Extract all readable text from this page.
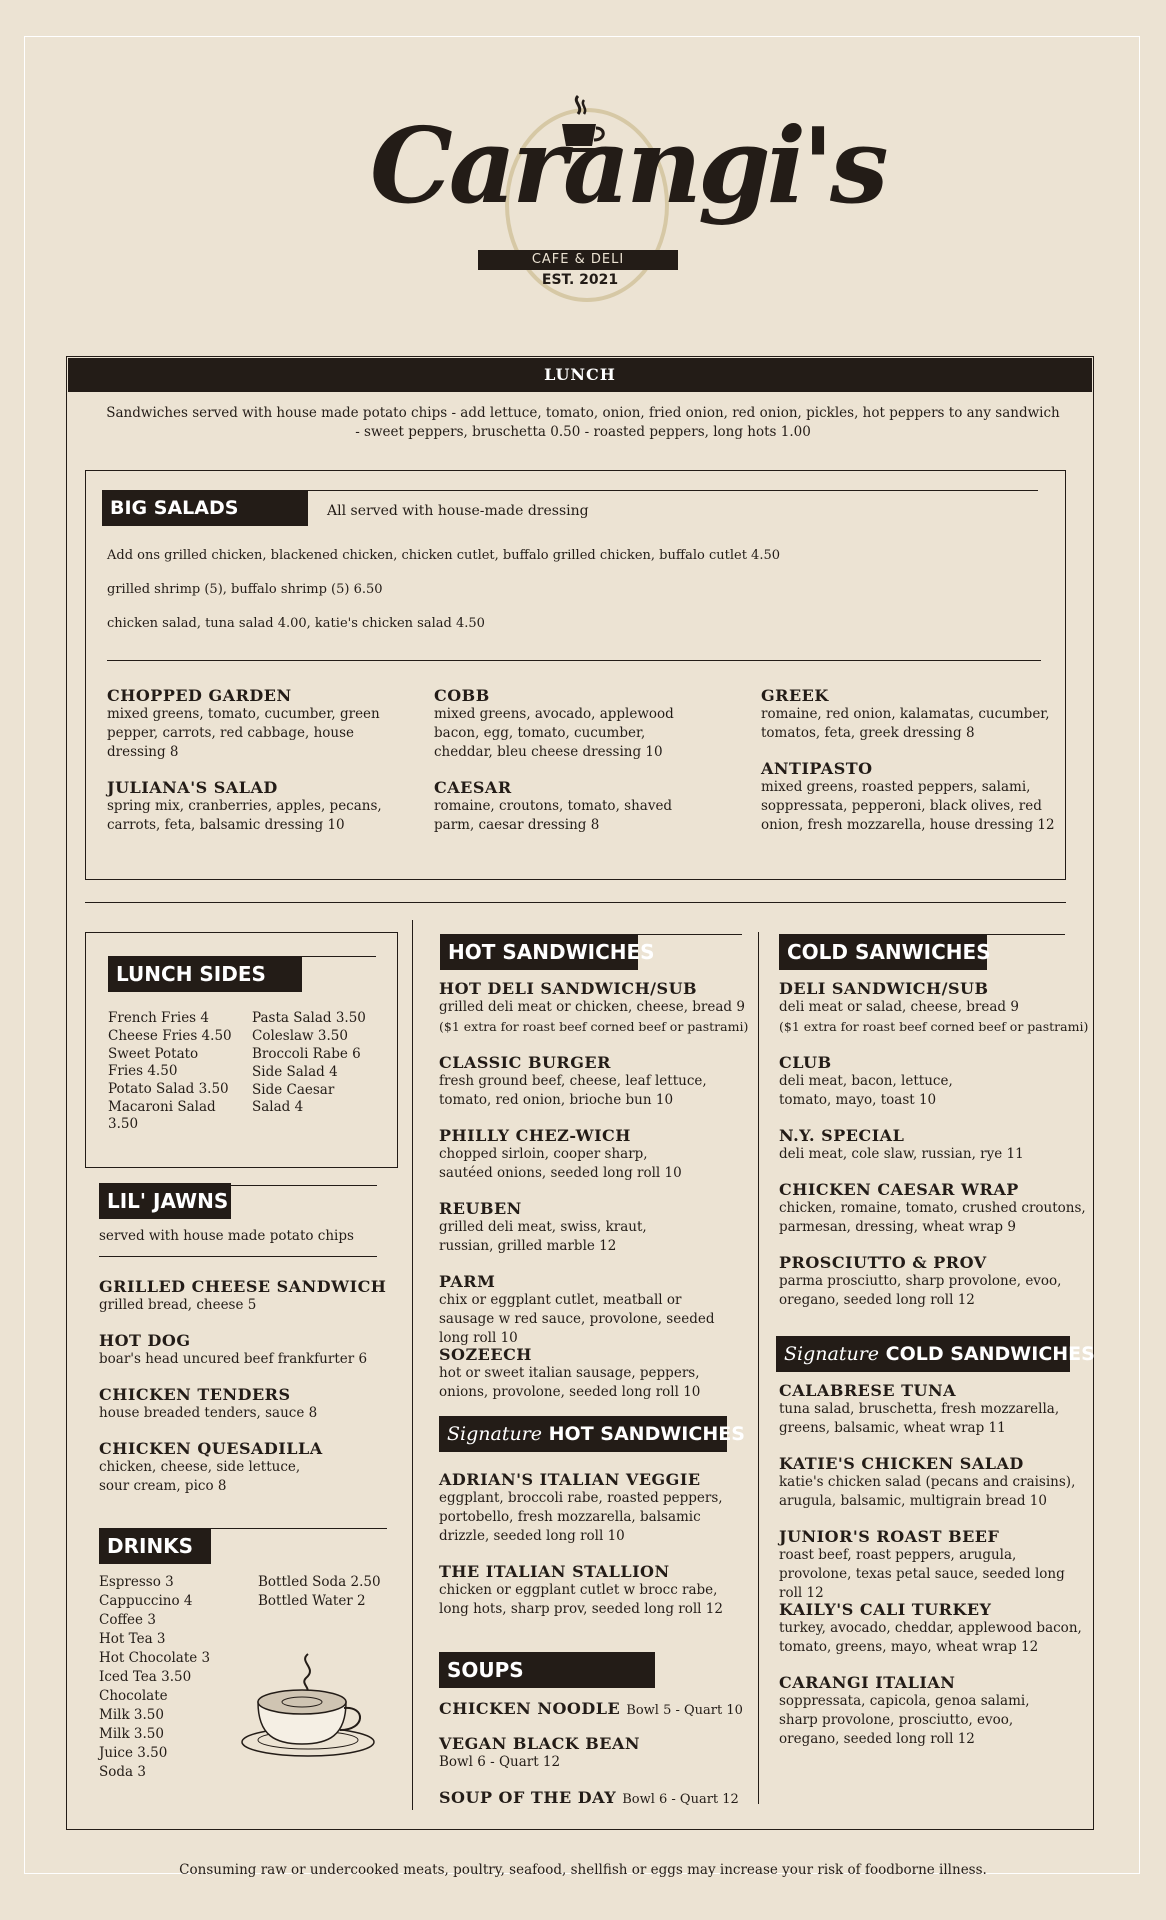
Carangi's
CAFE & DELI
EST. 2021
LUNCH
Sandwiches served with house made potato chips - add lettuce, tomato, onion, fried onion, red onion, pickles, hot peppers to any sandwich
- sweet peppers, bruschetta 0.50 - roasted peppers, long hots 1.00
BIG SALADS	All served with house-made dressing
Add ons grilled chicken, blackened chicken, chicken cutlet, buffalo grilled chicken, buffalo cutlet 4.50
grilled shrimp (5), buffalo shrimp (5) 6.50
chicken salad, tuna salad 4.00, katie's chicken salad 4.50
CHOPPED GARDEN
mixed greens, tomato, cucumber, green pepper, carrots, red cabbage, house dressing 8
JULIANA'S SALAD
spring mix, cranberries, apples, pecans, carrots, feta, balsamic dressing 10
COBB
mixed greens, avocado, applewood bacon, egg, tomato, cucumber, cheddar, bleu cheese dressing 10
CAESAR
romaine, croutons, tomato, shaved parm, caesar dressing 8
GREEK
romaine, red onion, kalamatas, cucumber, tomatos, feta, greek dressing 8
ANTIPASTO
mixed greens, roasted peppers, salami, soppressata, pepperoni, black olives, red onion, fresh mozzarella, house dressing 12
LUNCH SIDES
French Fries 4
Cheese Fries 4.50
Sweet Potato Fries 4.50
Potato Salad 3.50
Macaroni Salad 3.50
Pasta Salad 3.50
Coleslaw 3.50
Broccoli Rabe 6
Side Salad 4
Side Caesar Salad 4
LIL' JAWNS
served with house made potato chips
GRILLED CHEESE SANDWICH
grilled bread, cheese 5
HOT DOG
boar's head uncured beef frankfurter 6
CHICKEN TENDERS
house breaded tenders, sauce 8
CHICKEN QUESADILLA
chicken, cheese, side lettuce, sour cream, pico 8
DRINKS
Espresso 3
Cappuccino 4
Coffee 3
Hot Tea 3
Hot Chocolate 3
Iced Tea 3.50
Chocolate
Milk 3.50
Milk 3.50
Juice 3.50
Soda 3
Bottled Soda 2.50
Bottled Water 2
HOT SANDWICHES
HOT DELI SANDWICH/SUB
grilled deli meat or chicken, cheese, bread 9
($1 extra for roast beef corned beef or pastrami)
CLASSIC BURGER
fresh ground beef, cheese, leaf lettuce, tomato, red onion, brioche bun 10
PHILLY CHEZ-WICH
chopped sirloin, cooper sharp, sautéed onions, seeded long roll 10
REUBEN
grilled deli meat, swiss, kraut, russian, grilled marble 12
PARM
chix or eggplant cutlet, meatball or sausage w red sauce, provolone, seeded long roll 10
SOZEECH
hot or sweet italian sausage, peppers, onions, provolone, seeded long roll 10
Signature HOT SANDWICHES
ADRIAN'S ITALIAN VEGGIE
eggplant, broccoli rabe, roasted peppers, portobello, fresh mozzarella, balsamic drizzle, seeded long roll 10
THE ITALIAN STALLION
chicken or eggplant cutlet w brocc rabe, long hots, sharp prov, seeded long roll 12
SOUPS
CHICKEN NOODLE Bowl 5 - Quart 10
VEGAN BLACK BEAN
Bowl 6 - Quart 12
SOUP OF THE DAY Bowl 6 - Quart 12
COLD SANWICHES
DELI SANDWICH/SUB
deli meat or salad, cheese, bread 9
($1 extra for roast beef corned beef or pastrami)
CLUB
deli meat, bacon, lettuce, tomato, mayo, toast 10
N.Y. SPECIAL
deli meat, cole slaw, russian, rye 11
CHICKEN CAESAR WRAP
chicken, romaine, tomato, crushed croutons, parmesan, dressing, wheat wrap 9
PROSCIUTTO & PROV
parma prosciutto, sharp provolone, evoo, oregano, seeded long roll 12
Signature COLD SANDWICHES
CALABRESE TUNA
tuna salad, bruschetta, fresh mozzarella, greens, balsamic, wheat wrap 11
KATIE'S CHICKEN SALAD
katie's chicken salad (pecans and craisins), arugula, balsamic, multigrain bread 10
JUNIOR'S ROAST BEEF
roast beef, roast peppers, arugula, provolone, texas petal sauce, seeded long roll 12
KAILY'S CALI TURKEY
turkey, avocado, cheddar, applewood bacon, tomato, greens, mayo, wheat wrap 12
CARANGI ITALIAN
soppressata, capicola, genoa salami, sharp provolone, prosciutto, evoo, oregano, seeded long roll 12
Consuming raw or undercooked meats, poultry, seafood, shellfish or eggs may increase your risk of foodborne illness.
